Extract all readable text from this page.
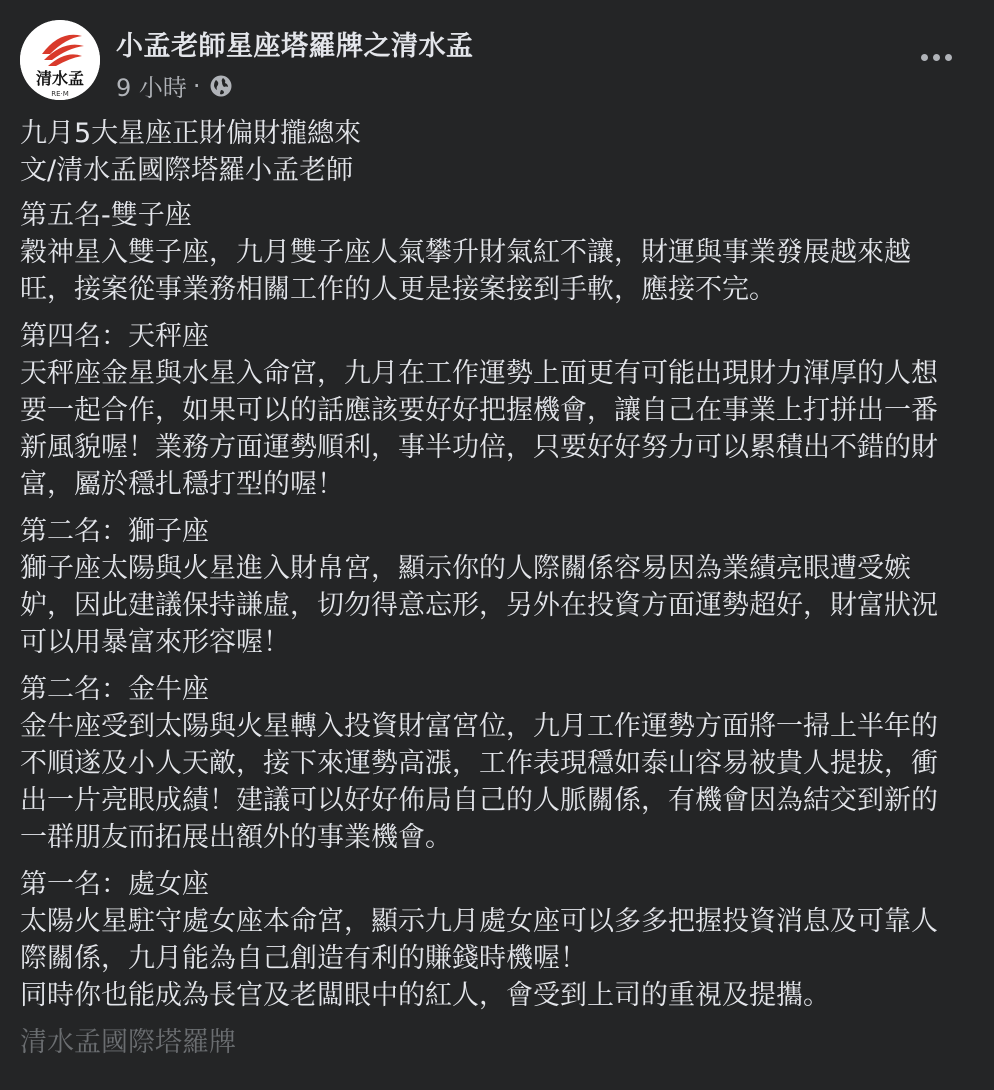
清水孟
RE‧M
小孟老師星座塔羅牌之清水孟
9 小時 ·

九月5大星座正財偏財攏總來

文/清水孟國際塔羅小孟老師

第五名-雙子座

穀神星入雙子座，九月雙子座人氣攀升財氣紅不讓，財運與事業發展越來越旺，接案從事業務相關工作的人更是接案接到手軟，應接不完。

第四名：天秤座

天秤座金星與水星入命宮，九月在工作運勢上面更有可能出現財力渾厚的人想要一起合作，如果可以的話應該要好好把握機會，讓自己在事業上打拼出一番新風貌喔！業務方面運勢順利，事半功倍，只要好好努力可以累積出不錯的財富，屬於穩扎穩打型的喔！

第二名：獅子座

獅子座太陽與火星進入財帛宮，顯示你的人際關係容易因為業績亮眼遭受嫉妒，因此建議保持謙虛，切勿得意忘形，另外在投資方面運勢超好，財富狀況可以用暴富來形容喔！

第二名：金牛座

金牛座受到太陽與火星轉入投資財富宮位，九月工作運勢方面將一掃上半年的不順遂及小人天敵，接下來運勢高漲，工作表現穩如泰山容易被貴人提拔，衝出一片亮眼成績！建議可以好好佈局自己的人脈關係，有機會因為結交到新的一群朋友而拓展出額外的事業機會。

第一名：處女座

太陽火星駐守處女座本命宮，顯示九月處女座可以多多把握投資消息及可靠人際關係，九月能為自己創造有利的賺錢時機喔！

同時你也能成為長官及老闆眼中的紅人，會受到上司的重視及提攜。

清水孟國際塔羅牌
